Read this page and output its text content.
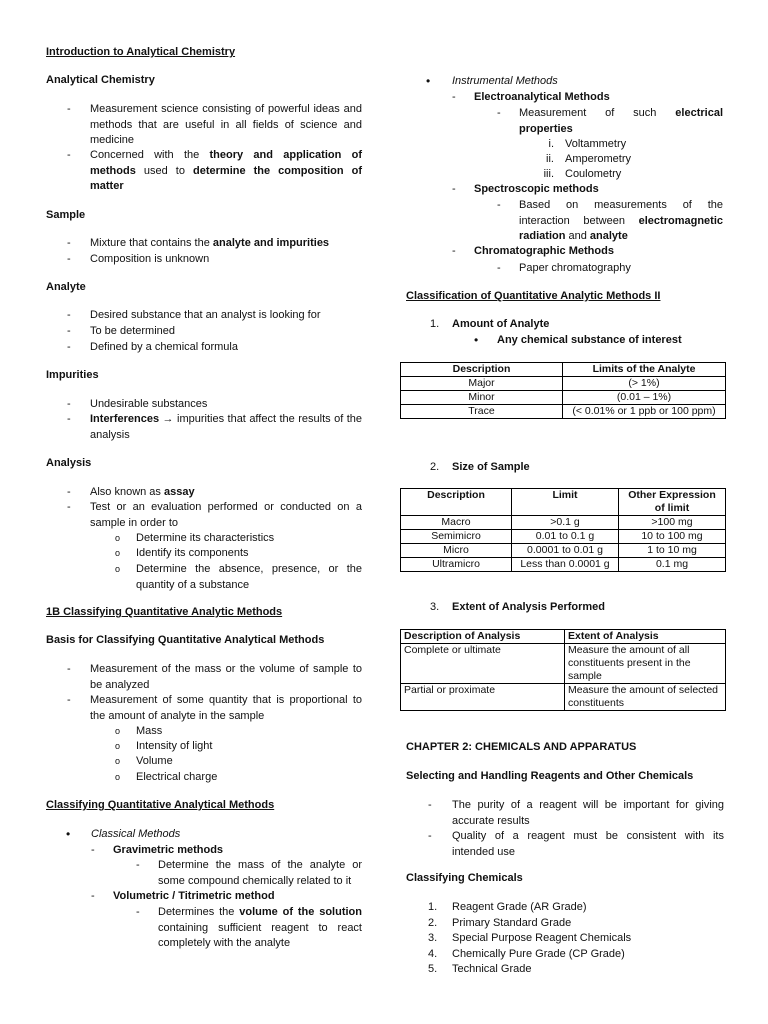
Introduction to Analytical Chemistry
Analytical Chemistry
- Measurement science consisting of powerful ideas and methods that are useful in all fields of science and medicine
- Concerned with the theory and application of methods used to determine the composition of matter
Sample
- Mixture that contains the analyte and impurities
- Composition is unknown
Analyte
- Desired substance that an analyst is looking for
- To be determined
- Defined by a chemical formula
Impurities
- Undesirable substances
- Interferences → impurities that affect the results of the analysis
Analysis
- Also known as assay
- Test or an evaluation performed or conducted on a sample in order to
o Determine its characteristics
o Identify its components
o Determine the absence, presence, or the quantity of a substance
1B Classifying Quantitative Analytic Methods
Basis for Classifying Quantitative Analytical Methods
- Measurement of the mass or the volume of sample to be analyzed
- Measurement of some quantity that is proportional to the amount of analyte in the sample
o Mass
o Intensity of light
o Volume
o Electrical charge
Classifying Quantitative Analytical Methods
• Classical Methods
- Gravimetric methods
- Determine the mass of the analyte or some compound chemically related to it
- Volumetric / Titrimetric method
- Determines the volume of the solution containing sufficient reagent to react completely with the analyte
• Instrumental Methods
- Electroanalytical Methods
- Measurement of such electrical properties
i. Voltammetry
ii. Amperometry
iii. Coulometry
- Spectroscopic methods
- Based on measurements of the interaction between electromagnetic radiation and analyte
- Chromatographic Methods
- Paper chromatography
Classification of Quantitative Analytic Methods II
1. Amount of Analyte
• Any chemical substance of interest
Description	Limits of the Analyte
Major	(> 1%)
Minor	(0.01 – 1%)
Trace	(< 0.01% or 1 ppb or 100 ppm)
2. Size of Sample
Description	Limit	Other Expression of limit
Macro	>0.1 g	>100 mg
Semimicro	0.01 to 0.1 g	10 to 100 mg
Micro	0.0001 to 0.01 g	1 to 10 mg
Ultramicro	Less than 0.0001 g	0.1 mg
3. Extent of Analysis Performed
Description of Analysis	Extent of Analysis
Complete or ultimate	Measure the amount of all constituents present in the sample
Partial or proximate	Measure the amount of selected constituents
CHAPTER 2: CHEMICALS AND APPARATUS
Selecting and Handling Reagents and Other Chemicals
- The purity of a reagent will be important for giving accurate results
- Quality of a reagent must be consistent with its intended use
Classifying Chemicals
1. Reagent Grade (AR Grade)
2. Primary Standard Grade
3. Special Purpose Reagent Chemicals
4. Chemically Pure Grade (CP Grade)
5. Technical Grade
